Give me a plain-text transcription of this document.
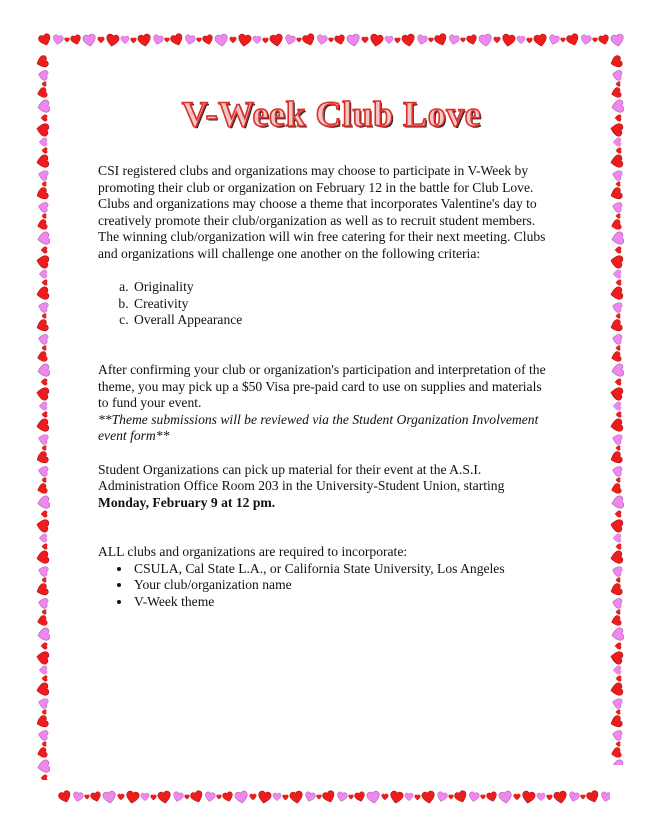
V-Week Club Love

CSI registered clubs and organizations may choose to participate in V-Week by promoting their club or organization on February 12 in the battle for Club Love. Clubs and organizations may choose a theme that incorporates Valentine's day to creatively promote their club/organization as well as to recruit student members. The winning club/organization will win free catering for their next meeting. Clubs and organizations will challenge one another on the following criteria:

a. Originality
b. Creativity
c. Overall Appearance

After confirming your club or organization's participation and interpretation of the theme, you may pick up a $50 Visa pre-paid card to use on supplies and materials to fund your event.

**Theme submissions will be reviewed via the Student Organization Involvement event form**

Student Organizations can pick up material for their event at the A.S.I. Administration Office Room 203 in the University-Student Union, starting Monday, February 9 at 12 pm.

ALL clubs and organizations are required to incorporate:

• CSULA, Cal State L.A., or California State University, Los Angeles
• Your club/organization name
• V-Week theme
